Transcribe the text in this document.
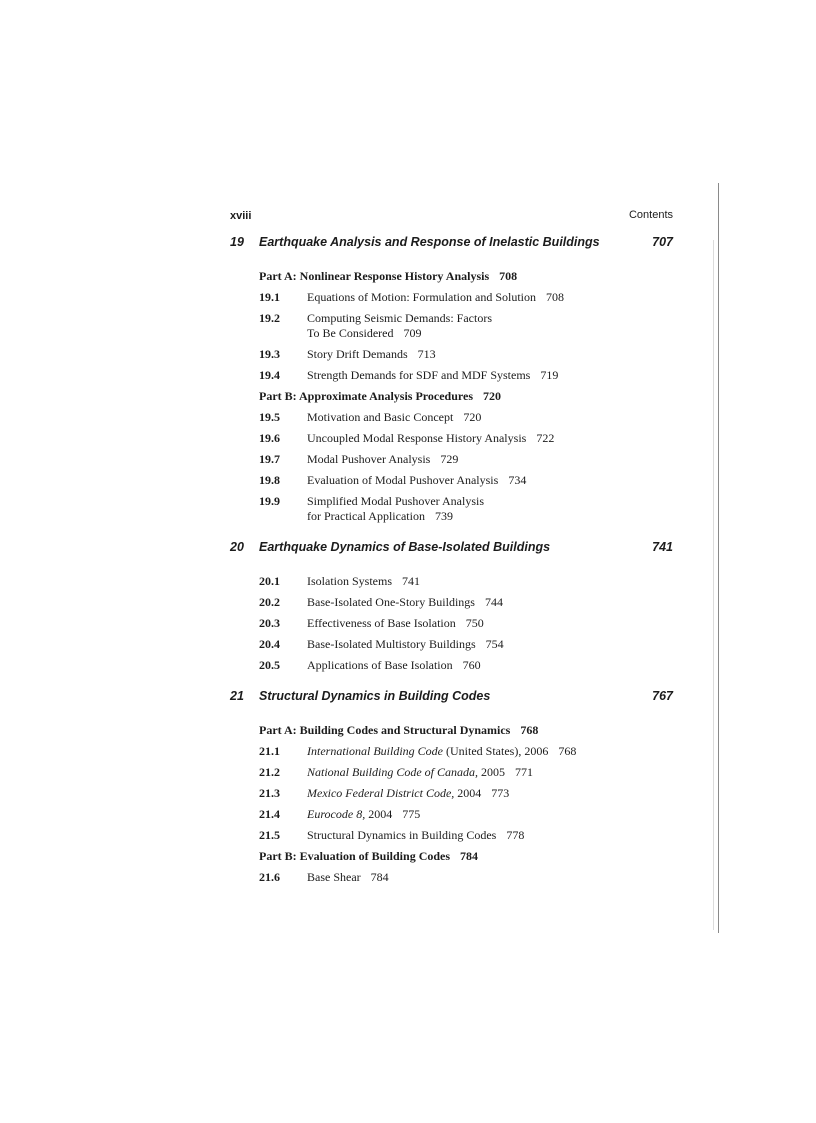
xviii	Contents
19 Earthquake Analysis and Response of Inelastic Buildings	707
Part A: Nonlinear Response History Analysis 708
19.1	Equations of Motion: Formulation and Solution 708
19.2	Computing Seismic Demands: Factors
To Be Considered 709
19.3	Story Drift Demands 713
19.4	Strength Demands for SDF and MDF Systems 719
Part B: Approximate Analysis Procedures 720
19.5	Motivation and Basic Concept 720
19.6	Uncoupled Modal Response History Analysis 722
19.7	Modal Pushover Analysis 729
19.8	Evaluation of Modal Pushover Analysis 734
19.9	Simplified Modal Pushover Analysis
for Practical Application 739
20 Earthquake Dynamics of Base-Isolated Buildings	741
20.1	Isolation Systems 741
20.2	Base-Isolated One-Story Buildings 744
20.3	Effectiveness of Base Isolation 750
20.4	Base-Isolated Multistory Buildings 754
20.5	Applications of Base Isolation 760
21 Structural Dynamics in Building Codes	767
Part A: Building Codes and Structural Dynamics 768
21.1	International Building Code (United States), 2006 768
21.2	National Building Code of Canada, 2005 771
21.3	Mexico Federal District Code, 2004 773
21.4	Eurocode 8, 2004 775
21.5	Structural Dynamics in Building Codes 778
Part B: Evaluation of Building Codes 784
21.6	Base Shear 784
